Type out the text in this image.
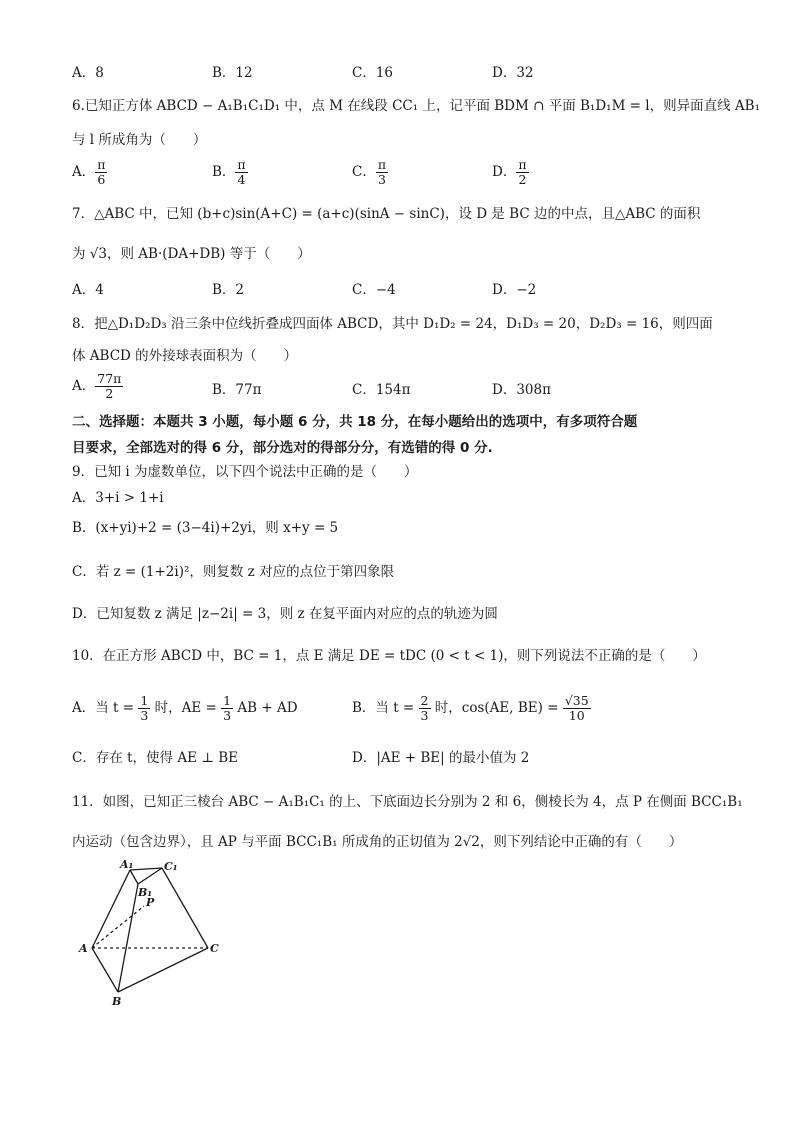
A．8	B．12	C．16	D．32
6.已知正方体 ABCD − A₁B₁C₁D₁ 中，点 M 在线段 CC₁ 上，记平面 BDM ∩ 平面 B₁D₁M = l，则异面直线 AB₁
与 l 所成角为（　　）
A． $\frac{\pi}{6}$	B． $\frac{\pi}{4}$	C． $\frac{\pi}{3}$	D． $\frac{\pi}{2}$
7．△ABC 中，已知 (b+c)sin(A+C) = (a+c)(sinA − sinC)，设 D 是 BC 边的中点，且△ABC 的面积
为 √3，则 AB·(DA+DB) 等于（　　）
A．4	B．2	C．−4	D．−2
8．把△D₁D₂D₃ 沿三条中位线折叠成四面体 ABCD，其中 D₁D₂ = 24，D₁D₃ = 20，D₂D₃ = 16，则四面
体 ABCD 的外接球表面积为（　　）
A． $\frac{77\pi}{2}$	B．77π	C．154π	D．308π
二、选择题：本题共 3 小题，每小题 6 分，共 18 分，在每小题给出的选项中，有多项符合题
目要求，全部选对的得 6 分，部分选对的得部分分，有选错的得 0 分.
9．已知 i 为虚数单位，以下四个说法中正确的是（　　）
A．3+i > 1+i
B．(x+yi)+2 = (3−4i)+2yi，则 x+y = 5
C．若 z = (1+2i)²，则复数 z 对应的点位于第四象限
D．已知复数 z 满足 |z−2i| = 3，则 z 在复平面内对应的点的轨迹为圆
10．在正方形 ABCD 中，BC = 1，点 E 满足 DE = tDC (0 < t < 1)，则下列说法不正确的是（　　）
A．当 $t = \frac{1}{3}$ 时，AE = $\frac{1}{3}$ AB + AD	B．当 $t = \frac{2}{3}$ 时，cos(AE, $BE) = \frac{√35}{10}$
C．存在 t，使得 AE ⊥ BE	D．|AE + BE| 的最小值为 2
11．如图，已知正三棱台 ABC − A₁B₁C₁ 的上、下底面边长分别为 2 和 6，侧棱长为 4，点 P 在侧面 BCC₁B₁
内运动（包含边界），且 AP 与平面 BCC₁B₁ 所成角的正切值为 2√2，则下列结论中正确的有（　　）
A₁	C₁
B₁
P
A	C
B
